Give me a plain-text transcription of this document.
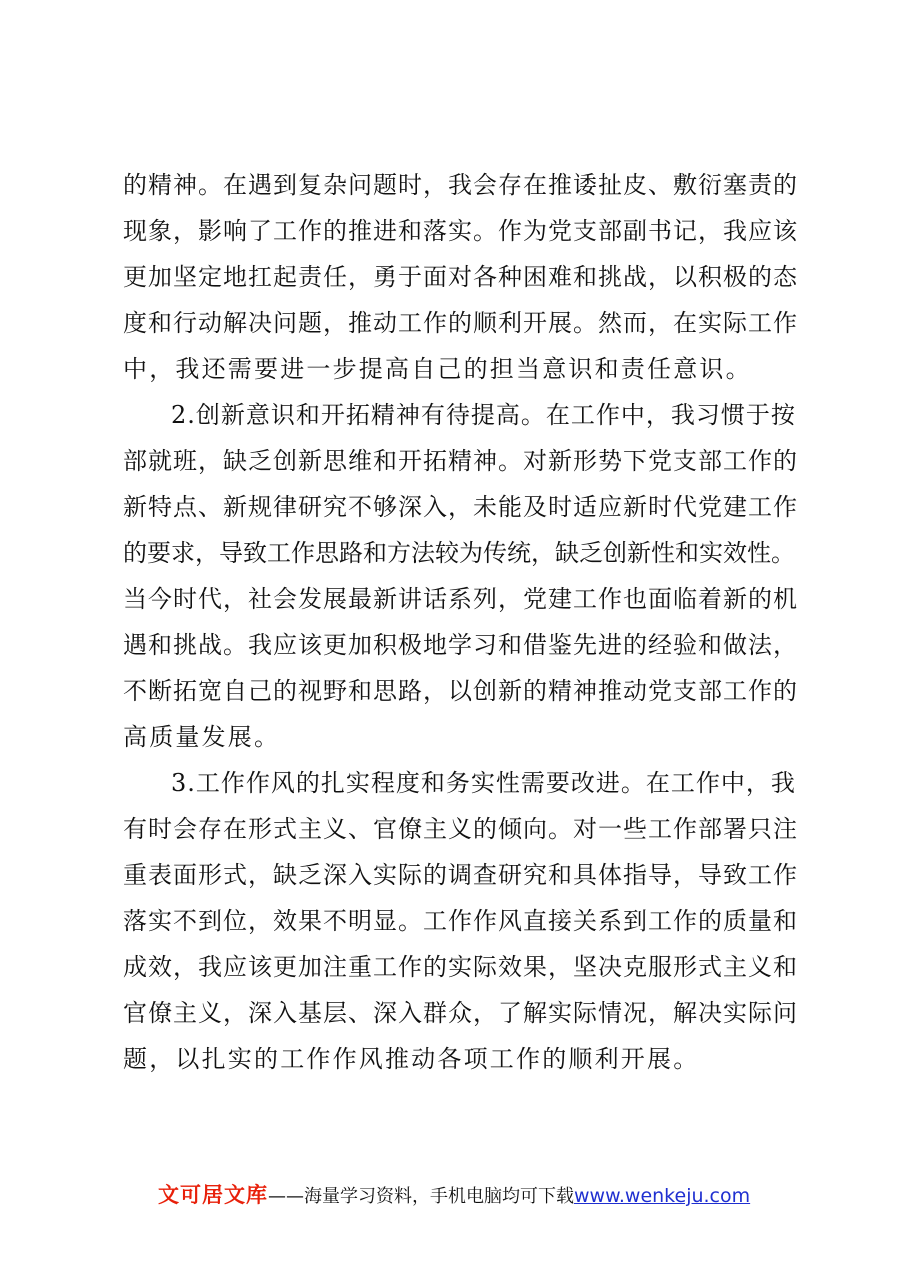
的精神。在遇到复杂问题时，我会存在推诿扯皮、敷衍塞责的
现象，影响了工作的推进和落实。作为党支部副书记，我应该
更加坚定地扛起责任，勇于面对各种困难和挑战，以积极的态
度和行动解决问题，推动工作的顺利开展。然而，在实际工作
中，我还需要进一步提高自己的担当意识和责任意识。
2.创新意识和开拓精神有待提高。在工作中，我习惯于按
部就班，缺乏创新思维和开拓精神。对新形势下党支部工作的
新特点、新规律研究不够深入，未能及时适应新时代党建工作
的要求，导致工作思路和方法较为传统，缺乏创新性和实效性。
当今时代，社会发展最新讲话系列，党建工作也面临着新的机
遇和挑战。我应该更加积极地学习和借鉴先进的经验和做法，
不断拓宽自己的视野和思路，以创新的精神推动党支部工作的
高质量发展。
3.工作作风的扎实程度和务实性需要改进。在工作中，我
有时会存在形式主义、官僚主义的倾向。对一些工作部署只注
重表面形式，缺乏深入实际的调查研究和具体指导，导致工作
落实不到位，效果不明显。工作作风直接关系到工作的质量和
成效，我应该更加注重工作的实际效果，坚决克服形式主义和
官僚主义，深入基层、深入群众，了解实际情况，解决实际问
题，以扎实的工作作风推动各项工作的顺利开展。
文可居文库——海量学习资料，手机电脑均可下载www.wenkeju.com
